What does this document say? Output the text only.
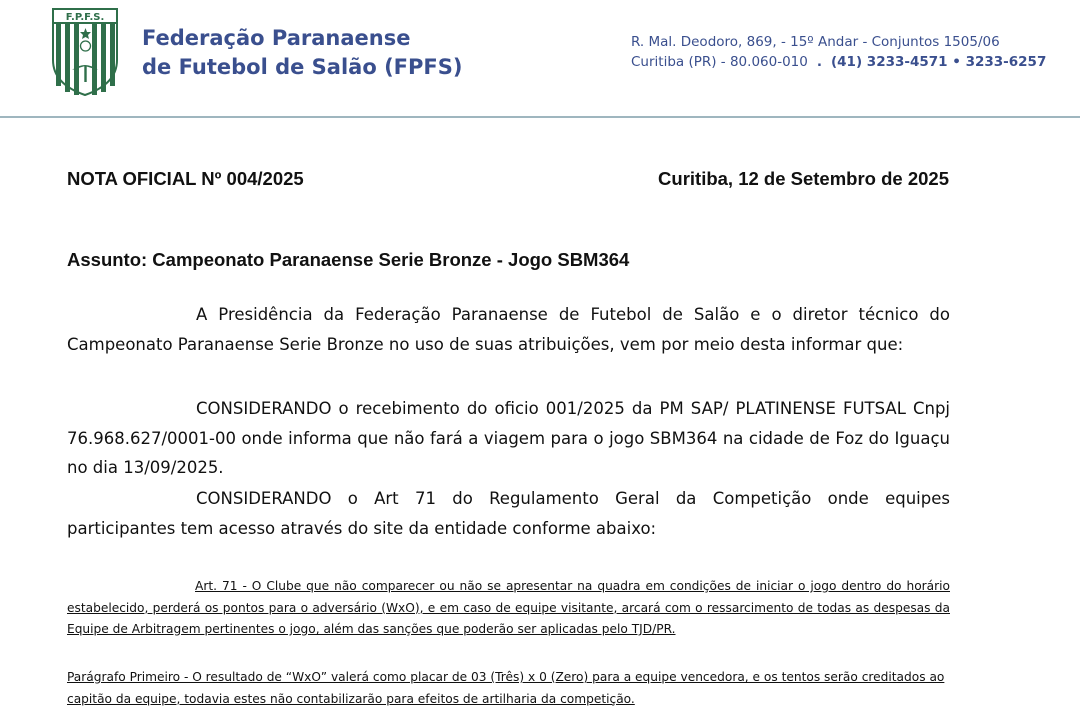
F.P.F.S.
Federação Paranaense
de Futebol de Salão (FPFS)
R. Mal. Deodoro, 869, - 15º Andar - Conjuntos 1505/06
Curitiba (PR) - 80.060-010  .  (41) 3233-4571 • 3233-6257
NOTA OFICIAL Nº 004/2025	Curitiba, 12 de Setembro de 2025
Assunto: Campeonato Paranaense Serie Bronze - Jogo SBM364
A Presidência da Federação Paranaense de Futebol de Salão e o diretor técnico do Campeonato Paranaense Serie Bronze no uso de suas atribuições, vem por meio desta informar que:
CONSIDERANDO o recebimento do oficio 001/2025 da PM SAP/ PLATINENSE FUTSAL Cnpj 76.968.627/0001-00 onde informa que não fará a viagem para o jogo SBM364 na cidade de Foz do Iguaçu no dia 13/09/2025.
CONSIDERANDO o Art 71 do Regulamento Geral da Competição onde equipes participantes tem acesso através do site da entidade conforme abaixo:
Art. 71 - O Clube que não comparecer ou não se apresentar na quadra em condições de iniciar o jogo dentro do horário estabelecido, perderá os pontos para o adversário (WxO), e em caso de equipe visitante, arcará com o ressarcimento de todas as despesas da Equipe de Arbitragem pertinentes o jogo, além das sanções que poderão ser aplicadas pelo TJD/PR.
Parágrafo Primeiro - O resultado de “WxO” valerá como placar de 03 (Três) x 0 (Zero) para a equipe vencedora, e os tentos serão creditados ao capitão da equipe, todavia estes não contabilizarão para efeitos de artilharia da competição.
